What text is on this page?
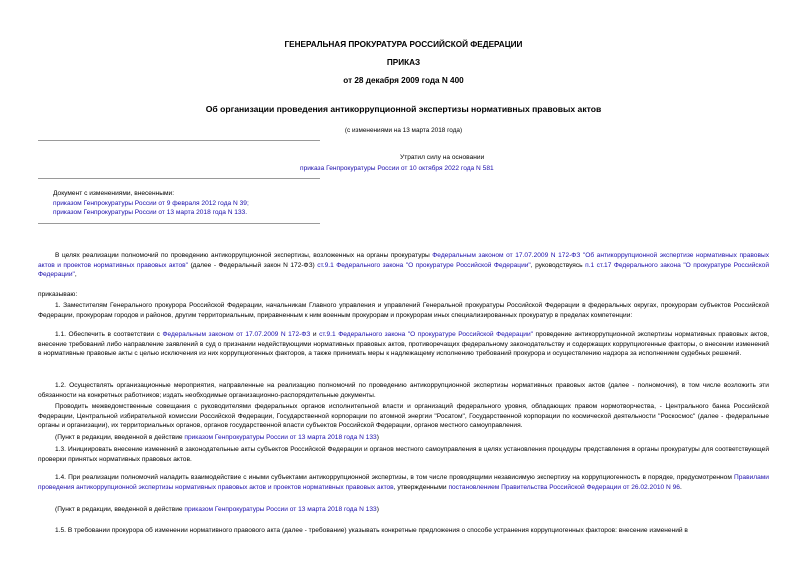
ГЕНЕРАЛЬНАЯ ПРОКУРАТУРА РОССИЙСКОЙ ФЕДЕРАЦИИ
ПРИКАЗ
от 28 декабря 2009 года N 400
Об организации проведения антикоррупционной экспертизы нормативных правовых актов
(с изменениями на 13 марта 2018 года)
Утратил силу на основании
приказа Генпрокуратуры России от 10 октября 2022 года N 581
Документ с изменениями, внесенными:
приказом Генпрокуратуры России от 9 февраля 2012 года N 39;
приказом Генпрокуратуры России от 13 марта 2018 года N 133.
В целях реализации полномочий по проведению антикоррупционной экспертизы, возложенных на органы прокуратуры Федеральным законом от 17.07.2009 N 172-ФЗ "Об антикоррупционной экспертизе нормативных правовых актов и проектов нормативных правовых актов" (далее - Федеральный закон N 172-ФЗ) ст.9.1 Федерального закона "О прокуратуре Российской Федерации", руководствуясь п.1 ст.17 Федерального закона "О прокуратуре Российской Федерации",
приказываю:
1. Заместителям Генерального прокурора Российской Федерации, начальникам Главного управления и управлений Генеральной прокуратуры Российской Федерации в федеральных округах, прокурорам субъектов Российской Федерации, прокурорам городов и районов, другим территориальным, приравненным к ним военным прокурорам и прокурорам иных специализированных прокуратур в пределах компетенции:
1.1. Обеспечить в соответствии с Федеральным законом от 17.07.2009 N 172-ФЗ и ст.9.1 Федерального закона "О прокуратуре Российской Федерации" проведение антикоррупционной экспертизы нормативных правовых актов, внесение требований либо направление заявлений в суд о признании недействующими нормативных правовых актов, противоречащих федеральному законодательству и содержащих коррупциогенные факторы, о внесении изменений в нормативные правовые акты с целью исключения из них коррупциогенных факторов, а также принимать меры к надлежащему исполнению требований прокурора и осуществлению надзора за исполнением судебных решений.
1.2. Осуществлять организационные мероприятия, направленные на реализацию полномочий по проведению антикоррупционной экспертизы нормативных правовых актов (далее - полномочия), в том числе возложить эти обязанности на конкретных работников; издать необходимые организационно-распорядительные документы.
Проводить межведомственные совещания с руководителями федеральных органов исполнительной власти и организаций федерального уровня, обладающих правом нормотворчества, - Центрального банка Российской Федерации, Центральной избирательной комиссии Российской Федерации, Государственной корпорации по атомной энергии "Росатом", Государственной корпорации по космической деятельности "Роскосмос" (далее - федеральные органы и организации), их территориальных органов, органов государственной власти субъектов Российской Федерации, органов местного самоуправления.
(Пункт в редакции, введенной в действие приказом Генпрокуратуры России от 13 марта 2018 года N 133)
1.3. Инициировать внесение изменений в законодательные акты субъектов Российской Федерации и органов местного самоуправления в целях установления процедуры представления в органы прокуратуры для соответствующей проверки принятых нормативных правовых актов.
1.4. При реализации полномочий наладить взаимодействие с иными субъектами антикоррупционной экспертизы, в том числе проводящими независимую экспертизу на коррупциогенность в порядке, предусмотренном Правилами проведения антикоррупционной экспертизы нормативных правовых актов и проектов нормативных правовых актов, утвержденными постановлением Правительства Российской Федерации от 26.02.2010 N 96.
(Пункт в редакции, введенной в действие приказом Генпрокуратуры России от 13 марта 2018 года N 133)
1.5. В требовании прокурора об изменении нормативного правового акта (далее - требование) указывать конкретные предложения о способе устранения коррупциогенных факторов: внесение изменений в
